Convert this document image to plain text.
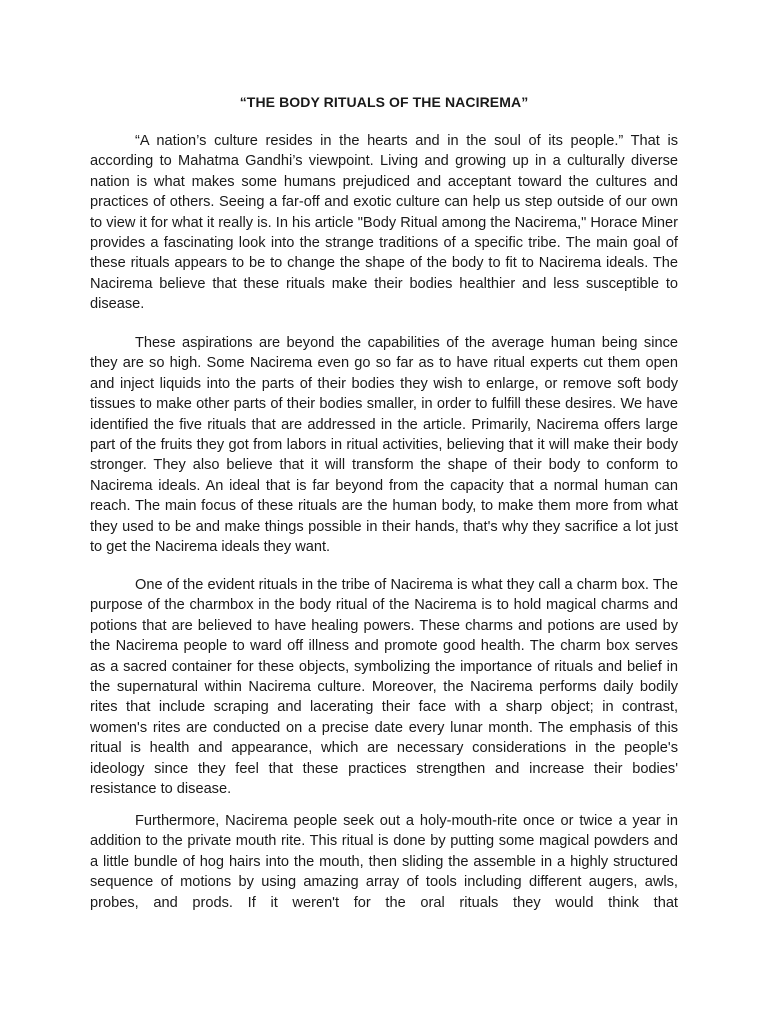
“THE BODY RITUALS OF THE NACIREMA”

“A nation’s culture resides in the hearts and in the soul of its people.” That is according to Mahatma Gandhi’s viewpoint. Living and growing up in a culturally diverse nation is what makes some humans prejudiced and acceptant toward the cultures and practices of others. Seeing a far-off and exotic culture can help us step outside of our own to view it for what it really is. In his article "Body Ritual among the Nacirema," Horace Miner provides a fascinating look into the strange traditions of a specific tribe. The main goal of these rituals appears to be to change the shape of the body to fit to Nacirema ideals. The Nacirema believe that these rituals make their bodies healthier and less susceptible to disease.

These aspirations are beyond the capabilities of the average human being since they are so high. Some Nacirema even go so far as to have ritual experts cut them open and inject liquids into the parts of their bodies they wish to enlarge, or remove soft body tissues to make other parts of their bodies smaller, in order to fulfill these desires. We have identified the five rituals that are addressed in the article. Primarily, Nacirema offers large part of the fruits they got from labors in ritual activities, believing that it will make their body stronger. They also believe that it will transform the shape of their body to conform to Nacirema ideals. An ideal that is far beyond from the capacity that a normal human can reach. The main focus of these rituals are the human body, to make them more from what they used to be and make things possible in their hands, that's why they sacrifice a lot just to get the Nacirema ideals they want.

One of the evident rituals in the tribe of Nacirema is what they call a charm box. The purpose of the charmbox in the body ritual of the Nacirema is to hold magical charms and potions that are believed to have healing powers. These charms and potions are used by the Nacirema people to ward off illness and promote good health. The charm box serves as a sacred container for these objects, symbolizing the importance of rituals and belief in the supernatural within Nacirema culture. Moreover, the Nacirema performs daily bodily rites that include scraping and lacerating their face with a sharp object; in contrast, women's rites are conducted on a precise date every lunar month. The emphasis of this ritual is health and appearance, which are necessary considerations in the people's ideology since they feel that these practices strengthen and increase their bodies' resistance to disease.

Furthermore, Nacirema people seek out a holy-mouth-rite once or twice a year in addition to the private mouth rite. This ritual is done by putting some magical powders and a little bundle of hog hairs into the mouth, then sliding the assemble in a highly structured sequence of motions by using amazing array of tools including different augers, awls, probes, and prods. If it weren't for the oral rituals they would think that
